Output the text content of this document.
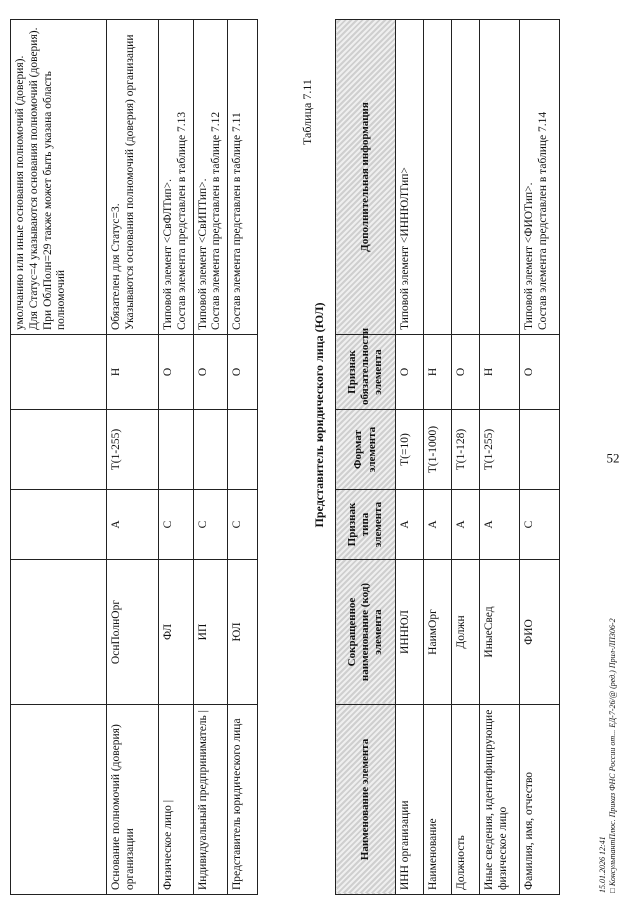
52
					умолчанию или иные основания полномочий (доверия).
Для Статус=4 указываются основания полномочий (доверия).
При ОблПолн=29 также может быть указана область полномочий
Основание полномочий (доверия) организации	ОснПолнОрг	А	T(1-255)	Н	Обязателен для Статус=3.
Указываются основания полномочий (доверия) организации
Физическое лицо |	ФЛ	С		О	Типовой элемент <СвФЛТип>.
Состав элемента представлен в таблице 7.13
Индивидуальный предприниматель |	ИП	С		О	Типовой элемент <СвИПТип>.
Состав элемента представлен в таблице 7.12
Представитель юридического лица	ЮЛ	С		О	Состав элемента представлен в таблице 7.11
Представитель юридического лица (ЮЛ)
Таблица 7.11
Наименование элемента	Сокращенное наименование (код) элемента	Признак типа элемента	Формат элемента	Признак обязательности элемента	Дополнительная информация
ИНН организации	ИННЮЛ	А	T(=10)	О	Типовой элемент <ИННЮЛТип>
Наименование	НаимОрг	А	T(1-1000)	Н	
Должность	Должн	А	T(1-128)	О	
Иные сведения, идентифицирующие физическое лицо	ИныеСвед	А	T(1-255)	Н	
Фамилия, имя, отчество	ФИО	С		О	Типовой элемент <ФИОТип>.
Состав элемента представлен в таблице 7.14
15.01.2026 12:41 □ КонсультантПлюс. Приказ ФНС России от... ЕД-7-26/@ (ред.) Прил-ЛП306-2
